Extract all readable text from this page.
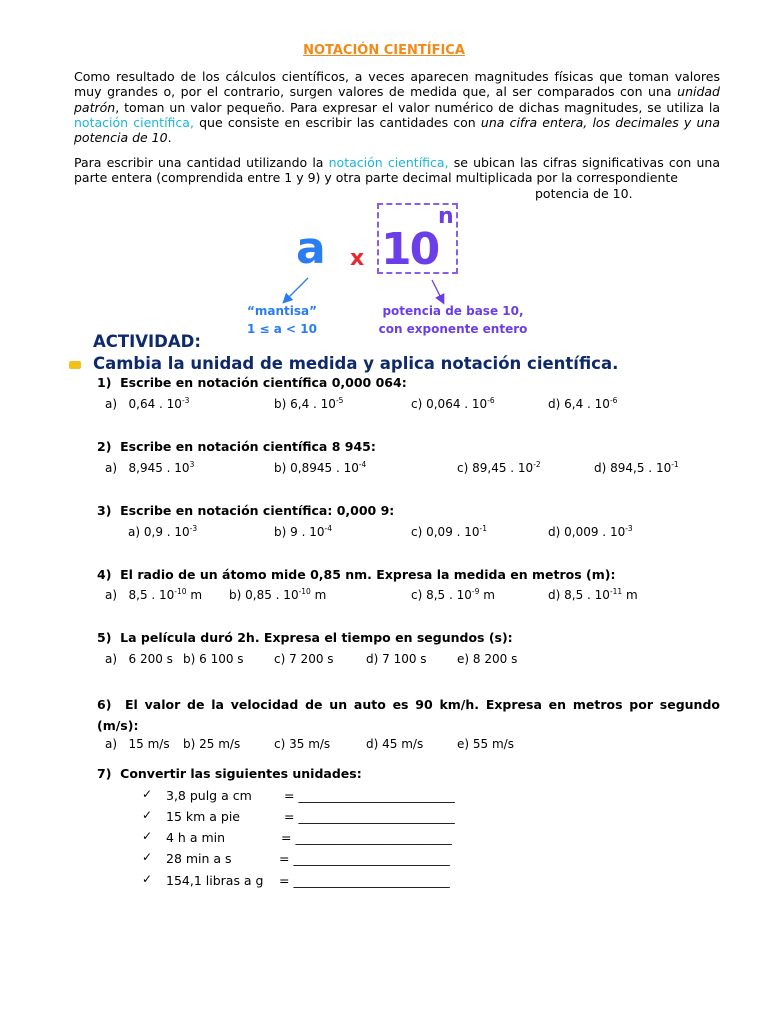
NOTACIÓN CIENTÍFICA
Como resultado de los cálculos científicos, a veces aparecen magnitudes físicas que toman valores muy grandes o, por el contrario, surgen valores de medida que, al ser comparados con una unidad patrón, toman un valor pequeño. Para expresar el valor numérico de dichas magnitudes, se utiliza la notación científica, que consiste en escribir las cantidades con una cifra entera, los decimales y una potencia de 10.
Para escribir una cantidad utilizando la notación científica, se ubican las cifras significativas con una parte entera (comprendida entre 1 y 9) y otra parte decimal multiplicada por la correspondiente
potencia de 10.
a x 10
n
“mantisa”
1 ≤ a < 10
potencia de base 10,
con exponente entero
ACTIVIDAD:
Cambia la unidad de medida y aplica notación científica.
1) Escribe en notación científica 0,000 064:
a) 0,64 . $10^{-3}$	b) 6,4 . $10^{-5}$	c) 0,064 . $10^{-6}$	d) 6,4 . $10^{-6}$
2) Escribe en notación científica 8 945:
a) 8,945 . $10^3$	b) 0,8945 . $10^{-4}$	c) 89,45 . $10^{-2}$	d) 894,5 . $10^{-1}$
3) Escribe en notación científica: 0,000 9:
a) 0,9 . $10^{-3}$	b) 9 . $10^{-4}$	c) 0,09 . $10^{-1}$	d) 0,009 . $10^{-3}$
4) El radio de un átomo mide 0,85 nm. Expresa la medida en metros (m):
a) 8,5 . $10^{-10}$ m b) 0,85 . $10^{-10}$ m	c) 8,5 . $10^{-9}$ m	d) 8,5 . $10^{-11}$ m
5) La película duró 2h. Expresa el tiempo en segundos (s):
a) 6 200 s b) 6 100 s	c) 7 200 s	d) 7 100 s	e) 8 200 s
6) El valor de la velocidad de un auto es 90 km/h. Expresa en metros por segundo (m/s):
a) 15 m/s b) 25 m/s	c) 35 m/s	d) 45 m/s	e) 55 m/s
7) Convertir las siguientes unidades:
✓ 3,8 pulg a cm	= _________________________
✓ 15 km a pie	= _________________________
✓ 4 h a min	= _________________________
✓ 28 min a s	= _________________________
✓ 154,1 libras a g = _________________________
